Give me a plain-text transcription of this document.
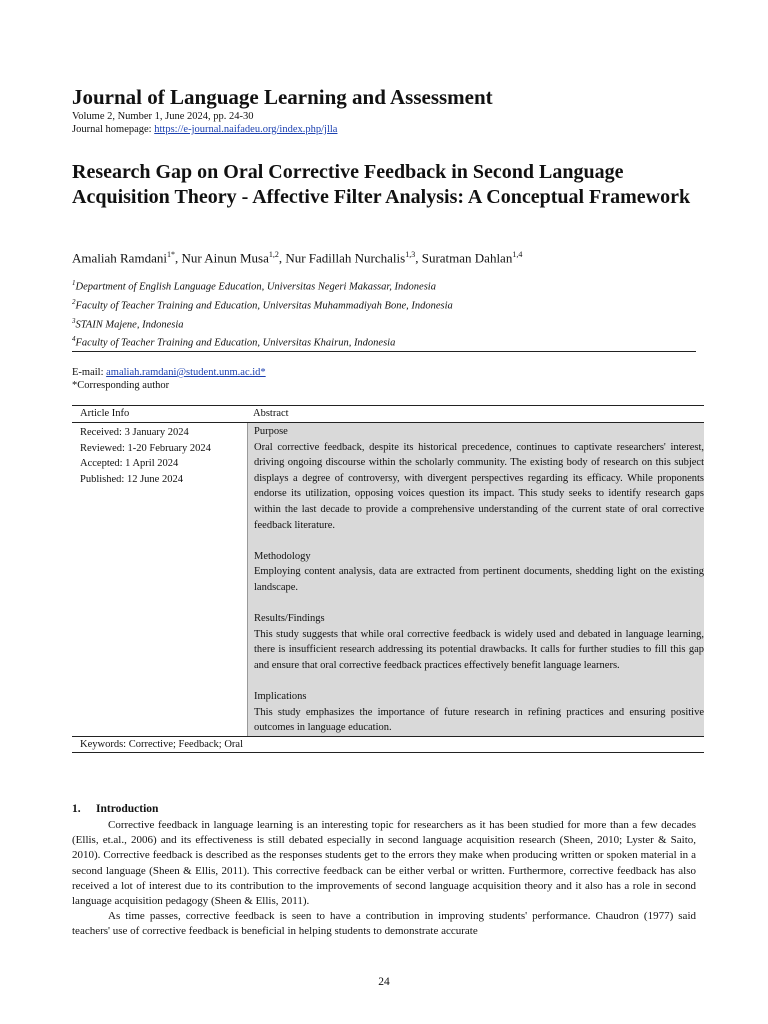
Journal of Language Learning and Assessment
Volume 2, Number 1, June 2024, pp. 24-30
Journal homepage: https://e-journal.naifadeu.org/index.php/jlla
Research Gap on Oral Corrective Feedback in Second Language Acquisition Theory - Affective Filter Analysis: A Conceptual Framework
Amaliah Ramdani$^{1*}$, Nur Ainun Musa$^{1,2}$, Nur Fadillah Nurchalis$^{1,3}$, Suratman Dahlan$^{1,4}$
$^1$Department of English Language Education, Universitas Negeri Makassar, Indonesia
$^2$Faculty of Teacher Training and Education, Universitas Muhammadiyah Bone, Indonesia
$^3$STAIN Majene, Indonesia
$^4$Faculty of Teacher Training and Education, Universitas Khairun, Indonesia
E-mail: amaliah.ramdani@student.unm.ac.id*
*Corresponding author
Article Info	Abstract
Received: 3 January 2024
Reviewed: 1-20 February 2024
Accepted: 1 April 2024
Published: 12 June 2024
Purpose

Oral corrective feedback, despite its historical precedence, continues to captivate researchers' interest, driving ongoing discourse within the scholarly community. The existing body of research on this subject displays a degree of controversy, with divergent perspectives regarding its efficacy. While proponents endorse its utilization, opposing voices question its impact. This study seeks to identify research gaps within the last decade to provide a comprehensive understanding of the current state of oral corrective feedback literature.

Methodology

Employing content analysis, data are extracted from pertinent documents, shedding light on the existing landscape.

Results/Findings

This study suggests that while oral corrective feedback is widely used and debated in language learning, there is insufficient research addressing its potential drawbacks. It calls for further studies to fill this gap and ensure that oral corrective feedback practices effectively benefit language learners.

Implications

This study emphasizes the importance of future research in refining practices and ensuring positive outcomes in language education.

Keywords: Corrective; Feedback; Oral
1. Introduction

Corrective feedback in language learning is an interesting topic for researchers as it has been studied for more than a few decades (Ellis, et.al., 2006) and its effectiveness is still debated especially in second language acquisition research (Sheen, 2010; Lyster & Saito, 2010). Corrective feedback is described as the responses students get to the errors they make when producing written or spoken material in a second language (Sheen & Ellis, 2011). This corrective feedback can be either verbal or written. Furthermore, corrective feedback has also received a lot of interest due to its contribution to the improvements of second language acquisition theory and it also has a role in second language acquisition pedagogy (Sheen & Ellis, 2011).

As time passes, corrective feedback is seen to have a contribution in improving students' performance. Chaudron (1977) said teachers' use of corrective feedback is beneficial in helping students to demonstrate accurate

24
